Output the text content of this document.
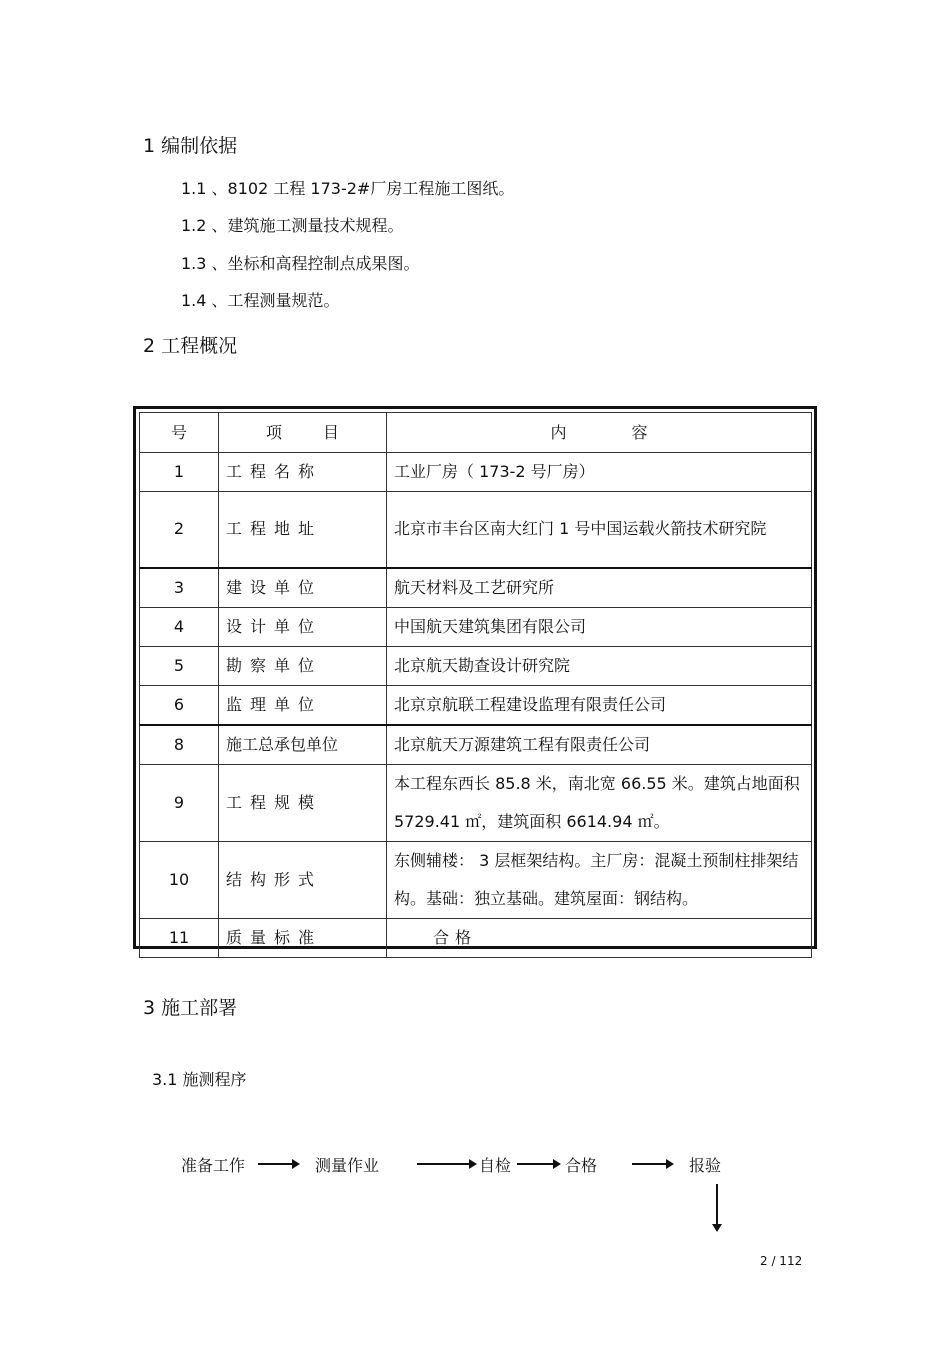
1 编制依据
1.1 、8102 工程 173-2#厂房工程施工图纸。
1.2 、建筑施工测量技术规程。
1.3 、坐标和高程控制点成果图。
1.4 、工程测量规范。
2 工程概况
号	项 目	内 容
1	工程名称	工业厂房（ 173-2 号厂房）
2	工程地址	北京市丰台区南大红门 1 号中国运载火箭技术研究院
3	建设单位	航天材料及工艺研究所
4	设计单位	中国航天建筑集团有限公司
5	勘察单位	北京航天勘查设计研究院
6	监理单位	北京京航联工程建设监理有限责任公司
8	施工总承包单位	北京航天万源建筑工程有限责任公司
9	工程规模	本工程东西长 85.8 米，南北宽 66.55 米。建筑占地面积 5729.41 ㎡，建筑面积 6614.94 ㎡。
10	结构形式	东侧辅楼： 3 层框架结构。主厂房：混凝土预制柱排架结构。基础：独立基础。建筑屋面：钢结构。
11	质量标准	合格
3 施工部署
3.1 施测程序
准备工作	测量作业	自检	合格	报验
2 / 112
